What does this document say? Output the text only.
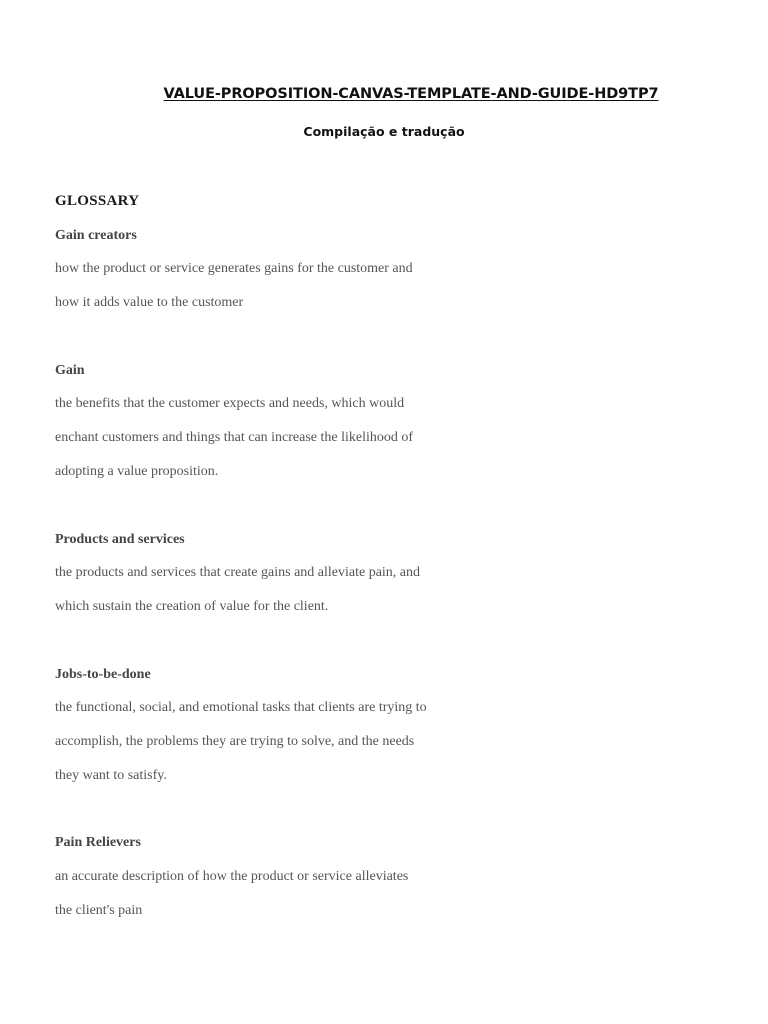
VALUE-PROPOSITION-CANVAS-TEMPLATE-AND-GUIDE-HD9TP7
Compilação e tradução
GLOSSARY
Gain creators
how the product or service generates gains for the customer and
how it adds value to the customer
Gain
the benefits that the customer expects and needs, which would
enchant customers and things that can increase the likelihood of
adopting a value proposition.
Products and services
the products and services that create gains and alleviate pain, and
which sustain the creation of value for the client.
Jobs-to-be-done
the functional, social, and emotional tasks that clients are trying to
accomplish, the problems they are trying to solve, and the needs
they want to satisfy.
Pain Relievers
an accurate description of how the product or service alleviates
the client's pain
